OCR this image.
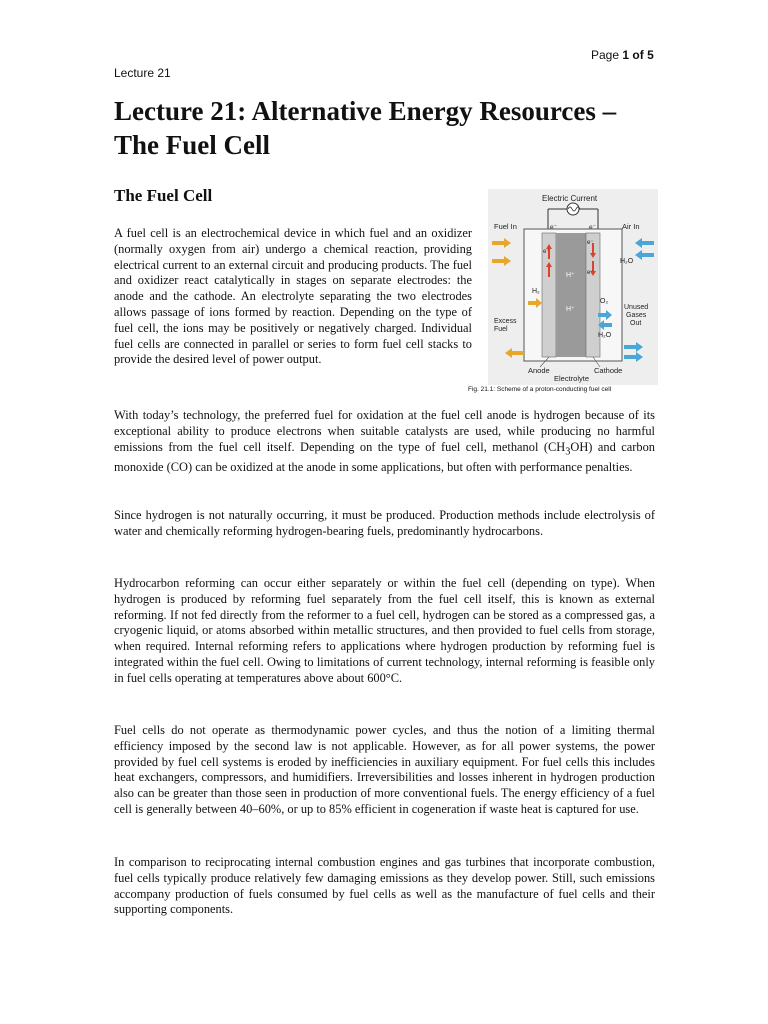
Page 1 of 5
Lecture 21
Lecture 21: Alternative Energy Resources – The Fuel Cell
The Fuel Cell

A fuel cell is an electrochemical device in which fuel and an oxidizer (normally oxygen from air) undergo a chemical reaction, providing electrical current to an external circuit and producing products. The fuel and oxidizer react catalytically in stages on separate electrodes: the anode and the cathode. An electrolyte separating the two electrodes allows passage of ions formed by reaction. Depending on the type of fuel cell, the ions may be positively or negatively charged. Individual fuel cells are connected in parallel or series to form fuel cell stacks to provide the desired level of power output.

Electric Current
Fuel In	Air In
e⁻	e⁻
H₂O
e⁻
e⁻
e⁻
H⁺
H⁺
H₂
O₂
H₂O
Excess
Fuel
Unused
Gases
Out
Anode	Cathode
Electrolyte
Fig. 21.1: Scheme of a proton-conducting fuel cell

With today’s technology, the preferred fuel for oxidation at the fuel cell anode is hydrogen because of its exceptional ability to produce electrons when suitable catalysts are used, while producing no harmful emissions from the fuel cell itself. Depending on the type of fuel cell, methanol $(CH_3OH)$ and carbon monoxide (CO) can be oxidized at the anode in some applications, but often with performance penalties.

Since hydrogen is not naturally occurring, it must be produced. Production methods include electrolysis of water and chemically reforming hydrogen-bearing fuels, predominantly hydrocarbons.

Hydrocarbon reforming can occur either separately or within the fuel cell (depending on type). When hydrogen is produced by reforming fuel separately from the fuel cell itself, this is known as external reforming. If not fed directly from the reformer to a fuel cell, hydrogen can be stored as a compressed gas, a cryogenic liquid, or atoms absorbed within metallic structures, and then provided to fuel cells from storage, when required. Internal reforming refers to applications where hydrogen production by reforming fuel is integrated within the fuel cell. Owing to limitations of current technology, internal reforming is feasible only in fuel cells operating at temperatures above about 600°C.

Fuel cells do not operate as thermodynamic power cycles, and thus the notion of a limiting thermal efficiency imposed by the second law is not applicable. However, as for all power systems, the power provided by fuel cell systems is eroded by inefficiencies in auxiliary equipment. For fuel cells this includes heat exchangers, compressors, and humidifiers. Irreversibilities and losses inherent in hydrogen production also can be greater than those seen in production of more conventional fuels. The energy efficiency of a fuel cell is generally between 40–60%, or up to 85% efficient in cogeneration if waste heat is captured for use.

In comparison to reciprocating internal combustion engines and gas turbines that incorporate combustion, fuel cells typically produce relatively few damaging emissions as they develop power. Still, such emissions accompany production of fuels consumed by fuel cells as well as the manufacture of fuel cells and their supporting components.
